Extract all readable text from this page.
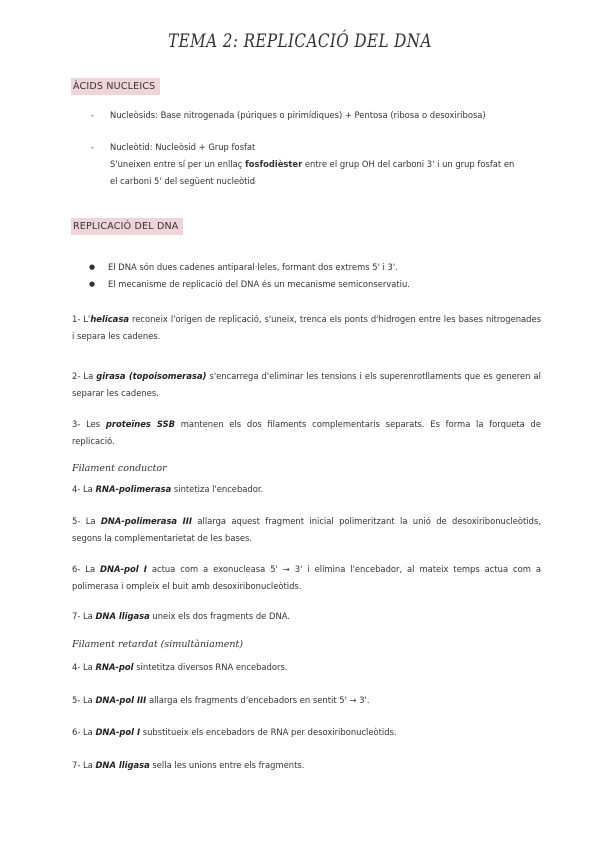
TEMA 2: REPLICACIÓ DEL DNA
ÀCIDS NUCLEICS
- Nucleòsids: Base nitrogenada (púriques o pirimídiques) + Pentosa (ribosa o desoxiribosa)
- Nucleòtid: Nucleòsid + Grup fosfat
S'uneixen entre sí per un enllaç fosfodièster entre el grup OH del carboni 3' i un grup fosfat en
el carboni 5' del següent nucleòtid
REPLICACIÓ DEL DNA
● El DNA són dues cadenes antiparal·leles, formant dos extrems 5' i 3'.
● El mecanisme de replicació del DNA és un mecanisme semiconservatiu.
1- L'helicasa reconeix l'origen de replicació, s'uneix, trenca els ponts d'hidrogen entre les bases nitrogenades i separa les cadenes.
2- La girasa (topoisomerasa) s'encarrega d'eliminar les tensions i els superenrotllaments que es generen al separar les cadenes.
3- Les proteïnes SSB mantenen els dos filaments complementaris separats. Es forma la forqueta de replicació.
Filament conductor
4- La RNA-polimerasa sintetiza l'encebador.
5- La DNA-polimerasa III allarga aquest fragment inicial polimeritzant la unió de desoxiribonucleòtids, segons la complementarietat de les bases.
6- La DNA-pol I actua com a exonucleasa 5' → 3' i elimina l'encebador, al mateix temps actua com a polimerasa i ompleix el buit amb desoxiribonucleòtids.
7- La DNA lligasa uneix els dos fragments de DNA.
Filament retardat (simultàniament)
4- La RNA-pol sintetitza diversos RNA encebadors.
5- La DNA-pol III allarga els fragments d'encebadors en sentit 5' → 3'.
6- La DNA-pol I substitueix els encebadors de RNA per desoxiribonucleòtids.
7- La DNA lligasa sella les unions entre els fragments.
